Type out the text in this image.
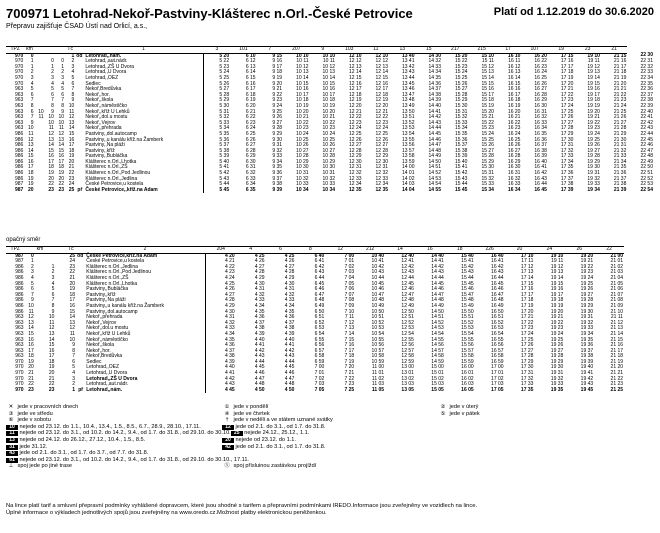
700971 Letohrad-Nekoř-Pastviny-Klášterec n.Orl.-České Petrovice	Platí od 1.12.2019 do 30.6.2020
Přepravu zajišťuje ČSAD Ústí nad Orlicí, a.s.,
TPZ	km				Tč		1	3	101	7	207	9	103	11	13	15	217	215	17	107	19	23	21	
970	0				1	od	Letohrad,,nám.	5 20	6 10	9 15	10 10	10 10	12 10	12 10	13 40	14 30	15 20	15 10	16 10	16 20	17 15	19 10	21 15	22 30
970	1		0	0	2		Letohrad,,aut.nádr.	5 22	6 12	9 16	10 11	10 11	12 12	12 12	13 41	14 32	15 22	15 11	16 11	16 22	17 16	19 11	21 16	22 31
970	1		1	1	3		Letohrad,,ZŠ U Dvora	5 23	6 13	9 17	10 12	10 12	12 13	12 13	13 42	14 33	15 23	15 12	16 12	16 23	17 17	19 12	21 17	22 32
970	2		2	2	4		Letohrad,,U Dvora	5 24	6 14	9 18	10 13	10 13	12 14	12 14	13 43	14 34	15 24	15 13	16 13	16 24	17 18	19 13	21 18	22 33
970	3		3	3	5		Letohrad,,OEZ	5 25	6 15	9 19	10 14	10 14	12 15	12 15	13 44	14 35	15 25	15 14	16 14	16 25	17 19	19 14	21 19	22 34
970	4		4	4	6		Sedlec	5 26	6 16	9 20	10 15	10 15	12 16	12 16	13 45	14 36	15 26	15 15	16 15	16 26	17 20	19 15	21 20	22 35
963	5		5	5	7		Nekoř,Bredůvka	5 27	6 17	9 21	10 16	10 16	12 17	12 17	13 46	14 37	15 27	15 16	16 16	16 27	17 21	19 16	21 21	22 36
963	6		6	6	8		Nekoř,,hor.	5 28	6 18	9 22	10 17	10 17	12 18	12 18	13 47	14 38	15 28	15 17	16 17	16 28	17 22	19 17	21 22	22 37
963	7		7	7	9		Nekoř,,škola	5 29	6 19	9 23	10 18	10 18	12 19	12 19	13 48	14 39	15 29	15 18	16 18	16 29	17 23	19 18	21 23	22 38
963	8		8	8	10		Nekoř,,náměstíčko	5 30	6 20	9 24	10 19	10 19	12 20	12 20	13 49	14 40	15 30	15 19	16 19	16 30	17 24	19 19	21 24	22 39
963	6	10	9	9	11		Nekoř,,kříž U Lehků	5 31	6 21	9 25	10 20	10 20	12 21	12 21	13 50	14 41	15 31	15 20	16 20	16 31	17 25	19 20	21 25	22 40
963	7	11	10	10	12		Nekoř,,dol.u mostu	5 32	6 22	9 26	10 21	10 21	12 22	12 22	13 51	14 42	15 32	15 21	16 21	16 32	17 26	19 21	21 26	22 41
963	9		10	10	13		Nekoř,,Vejrov	5 33	6 23	9 27	10 22	10 22	12 23	12 23	13 52	14 43	15 33	15 22	16 22	16 33	17 27	19 22	21 27	22 42
963	10		11	11	14		Nekoř,,přehrada	5 34	6 24	9 28	10 23	10 23	12 24	12 24	13 53	14 44	15 34	15 23	16 23	16 34	17 28	19 23	21 28	22 43
986	11		12	12	15		Pastviny,,dol.autocamp	5 35	6 25	9 29	10 24	10 24	12 25	12 25	13 54	14 45	15 35	15 24	16 24	16 35	17 29	19 24	21 29	22 44
986	12		13	13	16		Pastviny,,u kanálu kříž.na Žamberk	5 36	6 26	9 30	10 25	10 25	12 26	12 26	13 55	14 46	15 36	15 25	16 25	16 36	17 30	19 25	21 30	22 45
986	13		14	14	17		Pastviny,,Na pláži	5 37	6 27	9 31	10 26	10 26	12 27	12 27	13 56	14 47	15 37	15 26	16 26	16 37	17 31	19 26	21 31	22 46
986	14		15	15	18		Pastviny,,kříž	5 38	6 28	9 32	10 27	10 27	12 28	12 28	13 57	14 48	15 38	15 27	16 27	16 38	17 32	19 27	21 32	22 47
986	15		16	16	19		Pastviny,,Bubláčka	5 39	6 29	9 33	10 28	10 28	12 29	12 29	13 58	14 49	15 39	15 28	16 28	16 39	17 33	19 28	21 33	22 48
986	16		17	17	20		Klášterec n.Orl.,Lhotka	5 40	6 30	9 34	10 29	10 29	12 30	12 30	13 59	14 50	15 40	15 29	16 29	16 40	17 34	19 29	21 34	22 49
986	17		18	18	21		Klášterec n.Orl.,ZŠ	5 41	6 31	9 35	10 30	10 30	12 31	12 31	14 00	14 51	15 41	15 30	16 30	16 41	17 35	19 30	21 35	22 50
986	18		19	19	22		Klášterec n.Orl.,Pod Jedlinou	5 42	6 32	9 36	10 31	10 31	12 32	12 32	14 01	14 52	15 42	15 31	16 31	16 42	17 36	19 31	21 36	22 51
986	19		20	20	23		Klášterec n.Orl.,Jedlina	5 43	6 33	9 37	10 32	10 32	12 33	12 33	14 02	14 53	15 43	15 32	16 32	16 43	17 37	19 32	21 37	22 52
987	19		22	22	24		České Petrovice,u kostela	5 44	6 34	9 38	10 33	10 33	12 34	12 34	14 03	14 54	15 44	15 33	16 33	16 44	17 38	19 33	21 38	22 53
987	20		23	23	25	př	České Petrovice,,kříž.na Adam	5 45	6 35	9 39	10 34	10 34	12 35	12 35	14 04	14 55	15 45	15 34	16 34	16 45	17 39	19 34	21 39	22 54
opačný směr
TPZ		km			Tč		2	204	4	6	8	12	212	14	16	18	226	20	24	26	22
987	0				25	od	České Petrovice,kříž.na Adam	4 20	4 25	4 25	6 40	7 00	10 40	12 40	14 40	15 40	16 40	17 10	19 10	19 20	21 00
987	1				24		České Petrovice,u kostela	4 21	4 26	4 26	6 41	7 01	10 41	12 41	14 41	15 41	16 41	17 11	19 11	19 21	21 01
986	2		1		23		Klášterec n.Orl.,Jedlina	4 22	4 27	4 27	6 42	7 02	10 42	12 42	14 42	15 42	16 42	17 12	19 12	19 22	21 02
986	3		2		22		Klášterec n.Orl.,Pod Jedlinou	4 23	4 28	4 28	6 43	7 03	10 43	12 43	14 43	15 43	16 43	17 13	19 13	19 23	21 03
986	4		3		21		Klášterec n.Orl.,ZŠ	4 24	4 29	4 29	6 44	7 04	10 44	12 44	14 44	15 44	16 44	17 14	19 14	19 24	21 04
986	5		4		20		Klášterec n.Orl.,Lhotka	4 25	4 30	4 30	6 45	7 05	10 45	12 45	14 45	15 45	16 45	17 15	19 15	19 25	21 05
986	6		5		19		Pastviny,,Bubláčka	4 26	4 31	4 31	6 46	7 06	10 46	12 46	14 46	15 46	16 46	17 16	19 16	19 26	21 06
986	7		6		18		Pastviny,,kříž	4 27	4 32	4 32	6 47	7 07	10 47	12 47	14 47	15 47	16 47	17 17	19 17	19 27	21 07
986	9		7		17		Pastviny,,Na pláži	4 28	4 33	4 33	6 48	7 08	10 48	12 48	14 48	15 48	16 48	17 18	19 18	19 28	21 08
986	10		8		16		Pastviny,,u kanálu kříž.na Žamberk	4 29	4 34	4 34	6 49	7 09	10 49	12 49	14 49	15 49	16 49	17 19	19 19	19 29	21 09
986	11		9		15		Pastviny,,dol.autocamp	4 30	4 35	4 35	6 50	7 10	10 50	12 50	14 50	15 50	16 50	17 20	19 20	19 30	21 10
963	12		10		14		Nekoř,,přehrada	4 31	4 36	4 36	6 51	7 11	10 51	12 51	14 51	15 51	16 51	17 21	19 21	19 31	21 11
963	13		11		13		Nekoř,,Vejrov	4 32	4 37	4 37	6 52	7 12	10 52	12 52	14 52	15 52	16 52	17 22	19 22	19 32	21 12
963	14		12		12		Nekoř,,dol.u mostu	4 33	4 38	4 38	6 53	7 13	10 53	12 53	14 53	15 53	16 53	17 23	19 23	19 33	21 13
963	15		13		11		Nekoř,,kříž U Lehků	4 34	4 39	4 39	6 54	7 14	10 54	12 54	14 54	15 54	16 54	17 24	19 24	19 34	21 14
963	16		14		10		Nekoř,,náměstíčko	4 35	4 40	4 40	6 55	7 15	10 55	12 55	14 55	15 55	16 55	17 25	19 25	19 35	21 15
963	16		15		9		Nekoř,,škola	4 36	4 41	4 41	6 56	7 16	10 56	12 56	14 56	15 56	16 56	17 26	19 26	19 36	21 16
963	17		16		8		Nekoř,,hor.	4 37	4 42	4 42	6 57	7 17	10 57	12 57	14 57	15 57	16 57	17 27	19 27	19 37	21 17
963	18		17		7		Nekoř,Bredůvka	4 38	4 43	4 43	6 58	7 18	10 58	12 58	14 58	15 58	16 58	17 28	19 28	19 38	21 18
970	19		18		6		Sedlec	4 39	4 44	4 44	6 59	7 19	10 59	12 59	14 59	15 59	16 59	17 29	19 29	19 39	21 19
970	20		19		5		Letohrad,,OEZ	4 40	4 45	4 45	7 00	7 20	11 00	13 00	15 00	16 00	17 00	17 30	19 30	19 40	21 20
970	21		20		4		Letohrad,,U Dvora	4 41	4 46	4 46	7 01	7 21	11 01	13 01	15 01	16 01	17 01	17 31	19 31	19 41	21 21
970	21		21		3		Letohrad,,ZŠ U Dvora	4 42	4 47	4 47	7 02	7 22	11 02	13 02	15 02	16 02	17 02	17 32	19 32	19 42	21 22
970	22		22		2		Letohrad,,aut.nádr.	4 43	4 48	4 48	7 03	7 23	11 03	13 03	15 03	16 03	17 03	17 33	19 33	19 43	21 23
970	23		23		1	př	Letohrad,,nám.	4 45	4 50	4 50	7 05	7 25	11 05	13 05	15 05	16 05	17 05	17 35	19 35	19 45	21 25
✕ jede v pracovních dnech	① jede v pondělí	② jede v úterý
③ jede ve středu	④ jede ve čtvrtek	⑤ jede v pátek
⑥ jede v sobotu	† jede v neděli a ve státem uznané svátky
10 nejede od 23.12. do 1.1., 10.4., 13.4., 1.5., 8.5., 6.7., 28.9., 28.10., 17.11.	12 jede od 2.1. do 3.1., od 1.7. do 31.8.
11 nejede od 23.12. do 3.1., od 10.2. do 14.2., 9.4., od 1.7. do 31.8., od 29.10. do 30.10. 25 nejede 24.12., 25.12., 1.1.
13 nejede od 24.12. do 26.12., 27.12., 10.4., 1.5., 8.5.	20 nejede od 23.12. do 1.1.
31 jede 31.12.	42 jede od 2.1. do 3.1., od 1.7. do 31.8.
43 jede od 2.1. do 3.1., od 1.7. do 3.7., od 7.7. do 31.8.
61 nejede od 23.12. do 3.1., od 10.2. do 14.2., 9.4., od 1.7. do 31.8., od 29.10. do 30.10., 17.11.
⊥ spoj jede po jiné trase	Ⓧ spoj přísluinou zastávkou projíždí
Na lince platí tarif a smluvní přepravní podmínky vyhlášené dopravcem, které jsou shodné s tarifem a přepravními podmínkami IREDO.Informace jsou zveřejněny ve vozidlech na lince.
Úplné informace o výkladech jednotlivých spojů jsou zveřejněny na www.oredo.cz.Možnost platby elektronickou peněženkou.
